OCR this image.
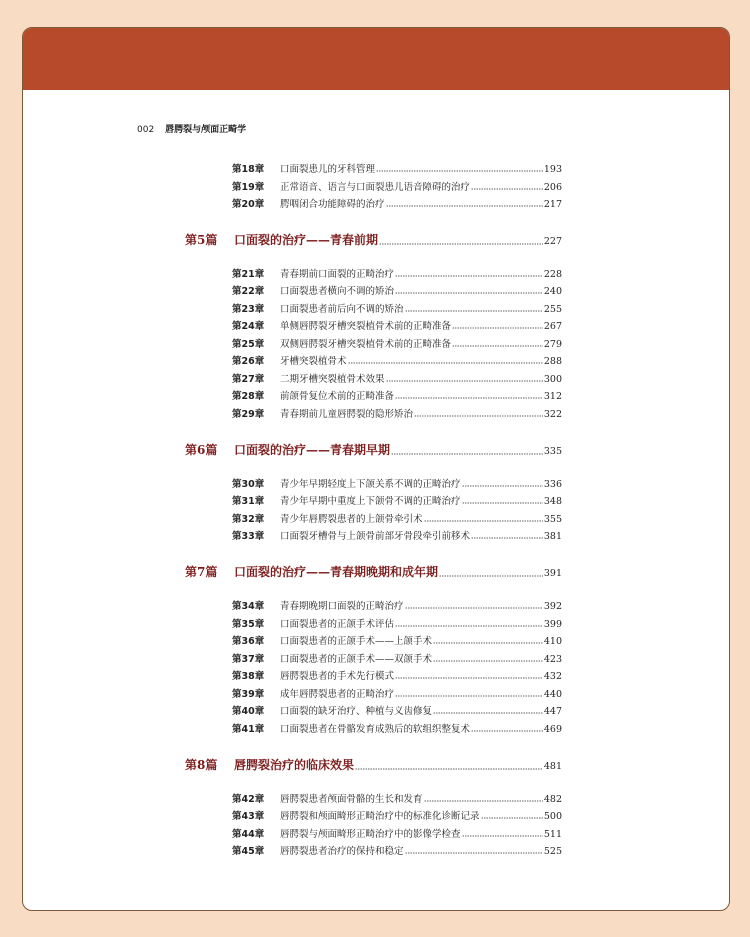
002 唇腭裂与颅面正畸学
第18章	口面裂患儿的牙科管理	193
第19章	正常语音、语言与口面裂患儿语音障碍的治疗	206
第20章	腭咽闭合功能障碍的治疗	217
第5篇	口面裂的治疗——青春前期	227
第21章	青春期前口面裂的正畸治疗	228
第22章	口面裂患者横向不调的矫治	240
第23章	口面裂患者前后向不调的矫治	255
第24章	单侧唇腭裂牙槽突裂植骨术前的正畸准备	267
第25章	双侧唇腭裂牙槽突裂植骨术前的正畸准备	279
第26章	牙槽突裂植骨术	288
第27章	二期牙槽突裂植骨术效果	300
第28章	前颌骨复位术前的正畸准备	312
第29章	青春期前儿童唇腭裂的隐形矫治	322
第6篇	口面裂的治疗——青春期早期	335
第30章	青少年早期轻度上下颌关系不调的正畸治疗	336
第31章	青少年早期中重度上下颌骨不调的正畸治疗	348
第32章	青少年唇腭裂患者的上颌骨牵引术	355
第33章	口面裂牙槽骨与上颌骨前部牙骨段牵引前移术	381
第7篇	口面裂的治疗——青春期晚期和成年期	391
第34章	青春期晚期口面裂的正畸治疗	392
第35章	口面裂患者的正颌手术评估	399
第36章	口面裂患者的正颌手术——上颌手术	410
第37章	口面裂患者的正颌手术——双颌手术	423
第38章	唇腭裂患者的手术先行模式	432
第39章	成年唇腭裂患者的正畸治疗	440
第40章	口面裂的缺牙治疗、种植与义齿修复	447
第41章	口面裂患者在骨骼发育成熟后的软组织整复术	469
第8篇	唇腭裂治疗的临床效果	481
第42章	唇腭裂患者颅面骨骼的生长和发育	482
第43章	唇腭裂和颅面畸形正畸治疗中的标准化诊断记录	500
第44章	唇腭裂与颅面畸形正畸治疗中的影像学检查	511
第45章	唇腭裂患者治疗的保持和稳定	525
